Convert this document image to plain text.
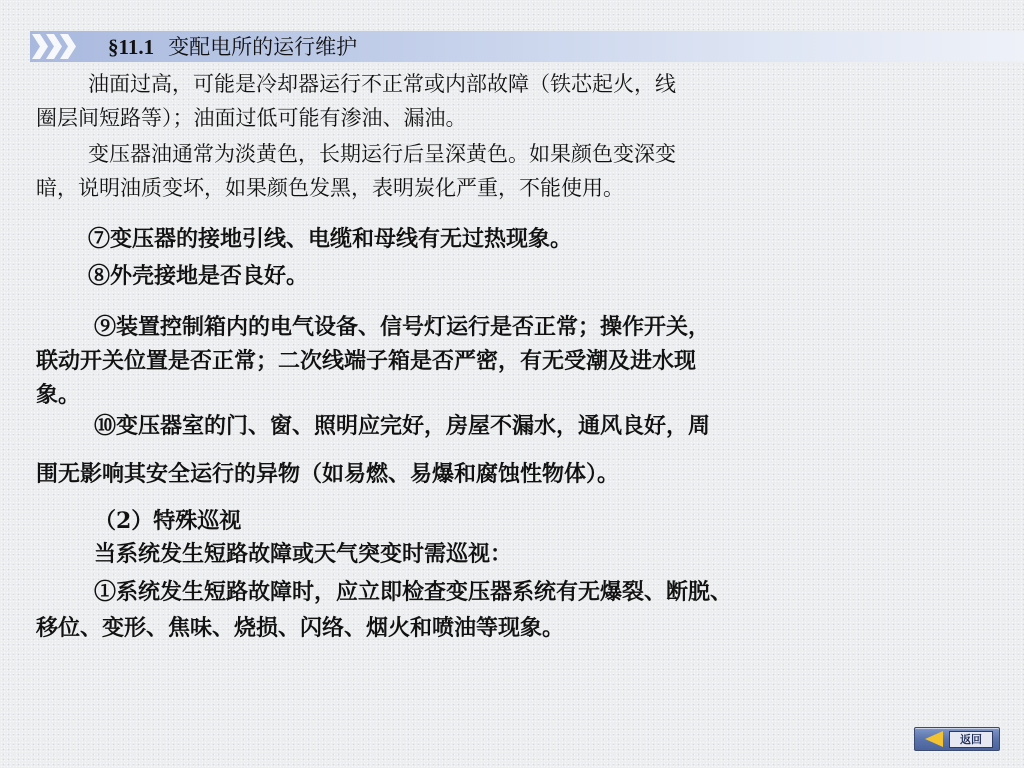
§11.1 变配电所的运行维护
油面过高，可能是冷却器运行不正常或内部故障（铁芯起火，线
圈层间短路等）；油面过低可能有渗油、漏油。
变压器油通常为淡黄色，长期运行后呈深黄色。如果颜色变深变
暗，说明油质变坏，如果颜色发黑，表明炭化严重，不能使用。
⑦变压器的接地引线、电缆和母线有无过热现象。
⑧外壳接地是否良好。
⑨装置控制箱内的电气设备、信号灯运行是否正常；操作开关，
联动开关位置是否正常；二次线端子箱是否严密，有无受潮及进水现
象。
⑩变压器室的门、窗、照明应完好，房屋不漏水，通风良好，周
围无影响其安全运行的异物（如易燃、易爆和腐蚀性物体）。
（2）特殊巡视
当系统发生短路故障或天气突变时需巡视：
①系统发生短路故障时，应立即检查变压器系统有无爆裂、断脱、
移位、变形、焦味、烧损、闪络、烟火和喷油等现象。
返回
